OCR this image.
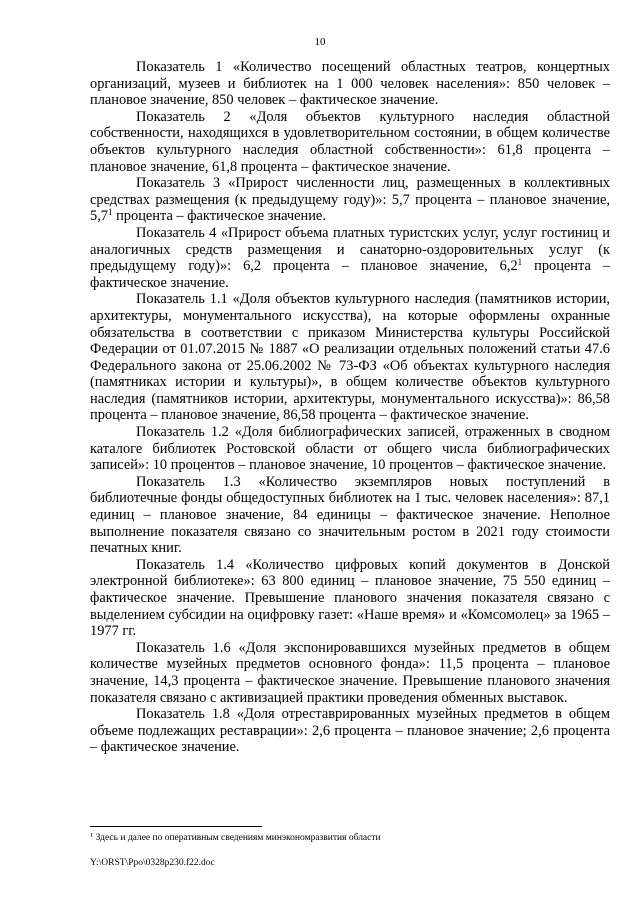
10

Показатель 1 «Количество посещений областных театров, концертных организаций, музеев и библиотек на 1 000 человек населения»: 850 человек – плановое значение, 850 человек – фактическое значение.

Показатель 2 «Доля объектов культурного наследия областной собственности, находящихся в удовлетворительном состоянии, в общем количестве объектов культурного наследия областной собственности»: 61,8 процента – плановое значение, 61,8 процента – фактическое значение.

Показатель 3 «Прирост численности лиц, размещенных в коллективных средствах размещения (к предыдущему году)»: 5,7 процента – плановое значение, $5,7^1$ процента – фактическое значение.

Показатель 4 «Прирост объема платных туристских услуг, услуг гостиниц и аналогичных средств размещения и санаторно-оздоровительных услуг (к предыдущему году)»: 6,2 процента – плановое значение, $6,2^1$ процента – фактическое значение.

Показатель 1.1 «Доля объектов культурного наследия (памятников истории, архитектуры, монументального искусства), на которые оформлены охранные обязательства в соответствии с приказом Министерства культуры Российской Федерации от 01.07.2015 № 1887 «О реализации отдельных положений статьи 47.6 Федерального закона от 25.06.2002 № 73-ФЗ «Об объектах культурного наследия (памятниках истории и культуры)», в общем количестве объектов культурного наследия (памятников истории, архитектуры, монументального искусства)»: 86,58 процента – плановое значение, 86,58 процента – фактическое значение.

Показатель 1.2 «Доля библиографических записей, отраженных в сводном каталоге библиотек Ростовской области от общего числа библиографических записей»: 10 процентов – плановое значение, 10 процентов – фактическое значение.

Показатель 1.3 «Количество экземпляров новых поступлений в библиотечные фонды общедоступных библиотек на 1 тыс. человек населения»: 87,1 единиц – плановое значение, 84 единицы – фактическое значение. Неполное выполнение показателя связано со значительным ростом в 2021 году стоимости печатных книг.

Показатель 1.4 «Количество цифровых копий документов в Донской электронной библиотеке»: 63 800 единиц – плановое значение, 75 550 единиц – фактическое значение. Превышение планового значения показателя связано с выделением субсидии на оцифровку газет: «Наше время» и «Комсомолец» за 1965 – 1977 гг.

Показатель 1.6 «Доля экспонировавшихся музейных предметов в общем количестве музейных предметов основного фонда»: 11,5 процента – плановое значение, 14,3 процента – фактическое значение. Превышение планового значения показателя связано с активизацией практики проведения обменных выставок.

Показатель 1.8 «Доля отреставрированных музейных предметов в общем объеме подлежащих реставрации»: 2,6 процента – плановое значение; 2,6 процента – фактическое значение.

$^1$ Здесь и далее по оперативным сведениям минэкономразвития области
Y:\ORST\Ppo\0328p230.f22.doc
